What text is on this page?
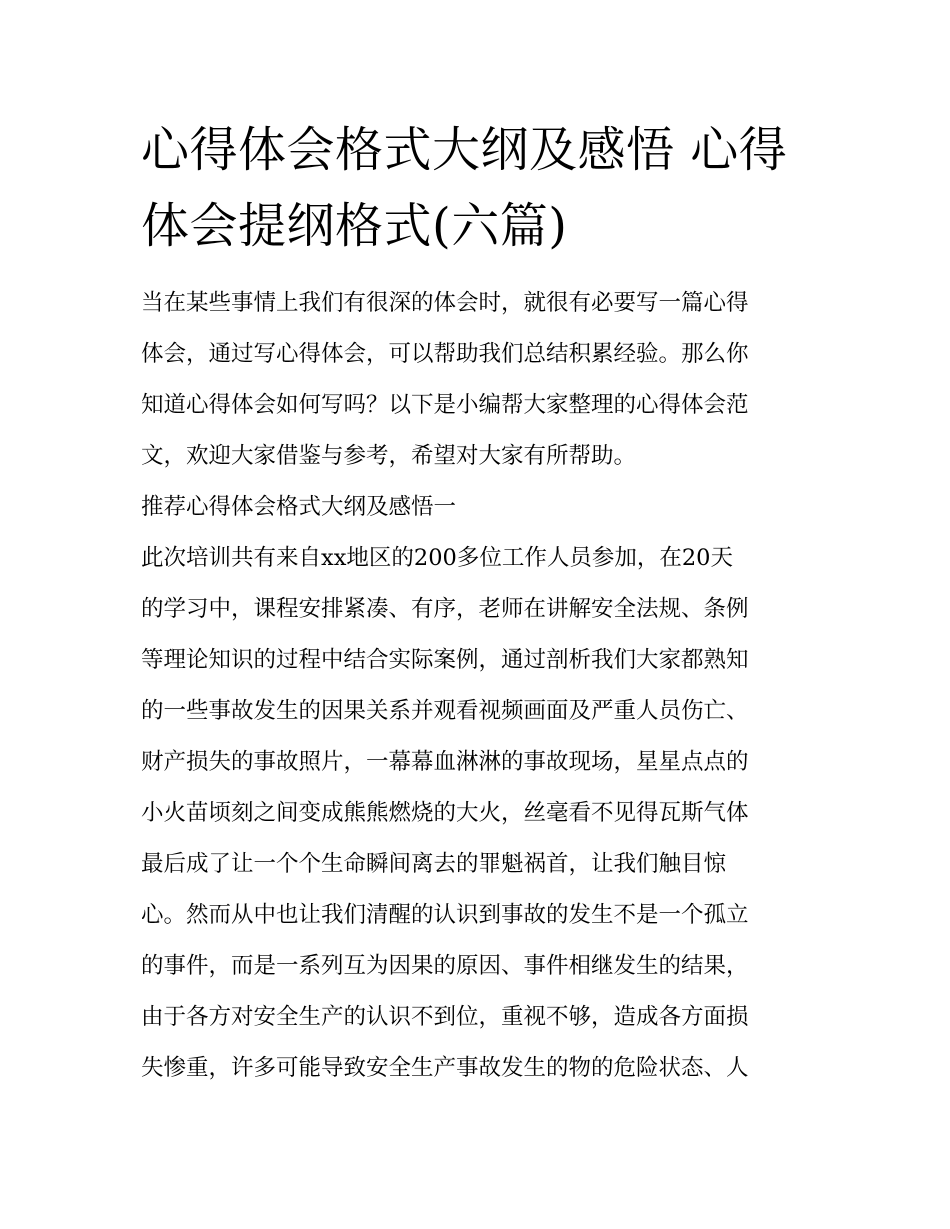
心得体会格式大纲及感悟 心得
体会提纲格式(六篇)
当在某些事情上我们有很深的体会时，就很有必要写一篇心得
体会，通过写心得体会，可以帮助我们总结积累经验。那么你
知道心得体会如何写吗？以下是小编帮大家整理的心得体会范
文，欢迎大家借鉴与参考，希望对大家有所帮助。
推荐心得体会格式大纲及感悟一
此次培训共有来自xx地区的200多位工作人员参加，在20天
的学习中，课程安排紧凑、有序，老师在讲解安全法规、条例
等理论知识的过程中结合实际案例，通过剖析我们大家都熟知
的一些事故发生的因果关系并观看视频画面及严重人员伤亡、
财产损失的事故照片，一幕幕血淋淋的事故现场，星星点点的
小火苗顷刻之间变成熊熊燃烧的大火，丝毫看不见得瓦斯气体
最后成了让一个个生命瞬间离去的罪魁祸首，让我们触目惊
心。然而从中也让我们清醒的认识到事故的发生不是一个孤立
的事件，而是一系列互为因果的原因、事件相继发生的结果，
由于各方对安全生产的认识不到位，重视不够，造成各方面损
失惨重，许多可能导致安全生产事故发生的物的危险状态、人
